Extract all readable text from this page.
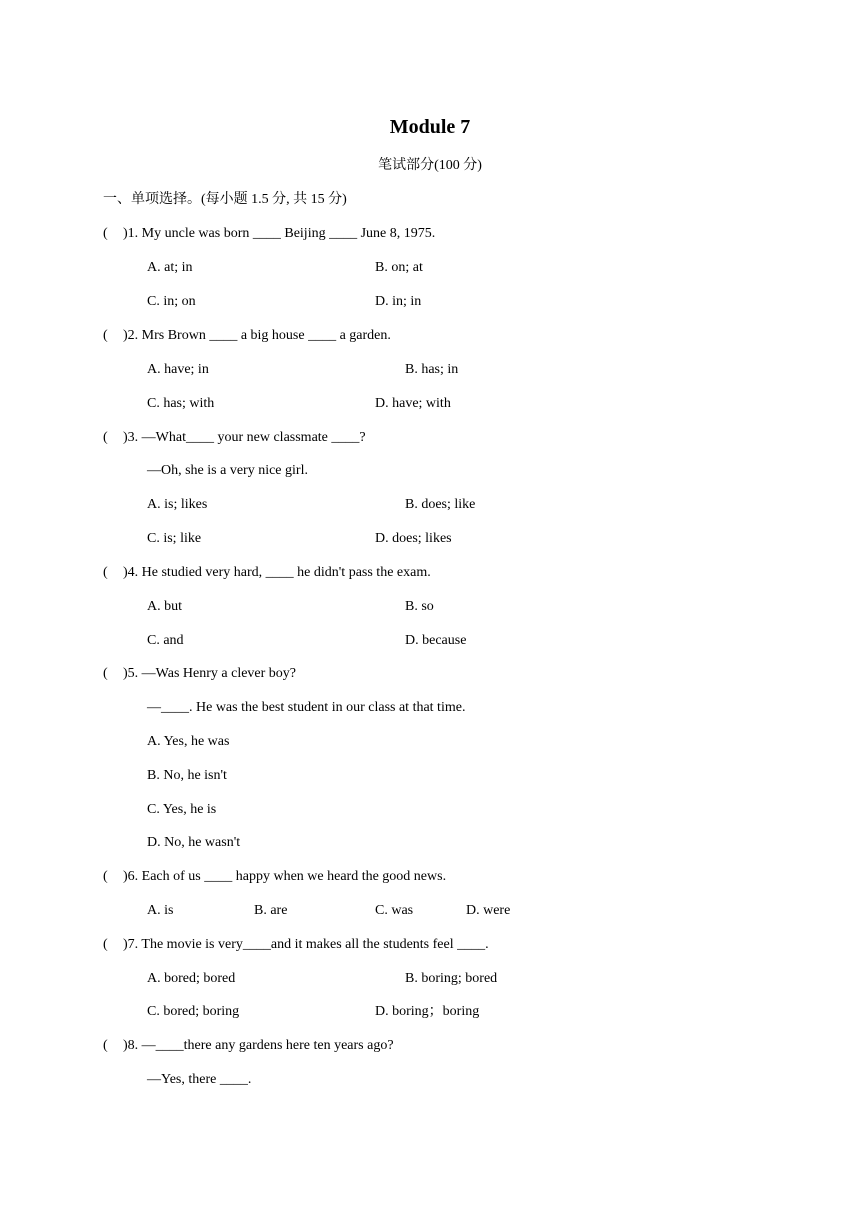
Module 7
笔试部分(100 分)
一、单项选择。(每小题 1.5 分, 共 15 分)
( )1. My uncle was born ____ Beijing ____ June 8, 1975.
A. at; in	B. on; at
C. in; on	D. in; in
( )2. Mrs Brown ____ a big house ____ a garden.
A. have; in	B. has; in
C. has; with	D. have; with
( )3. —What____ your new classmate ____?
—Oh, she is a very nice girl.
A. is; likes	B. does; like
C. is; like	D. does; likes
( )4. He studied very hard, ____ he didn't pass the exam.
A. but	B. so
C. and	D. because
( )5. —Was Henry a clever boy?
—____. He was the best student in our class at that time.
A. Yes, he was
B. No, he isn't
C. Yes, he is
D. No, he wasn't
( )6. Each of us ____ happy when we heard the good news.
A. is	B. are	C. was	D. were
( )7. The movie is very____and it makes all the students feel ____.
A. bored; bored	B. boring; bored
C. bored; boring	D. boring；boring
( )8. —____there any gardens here ten years ago?
—Yes, there ____.
